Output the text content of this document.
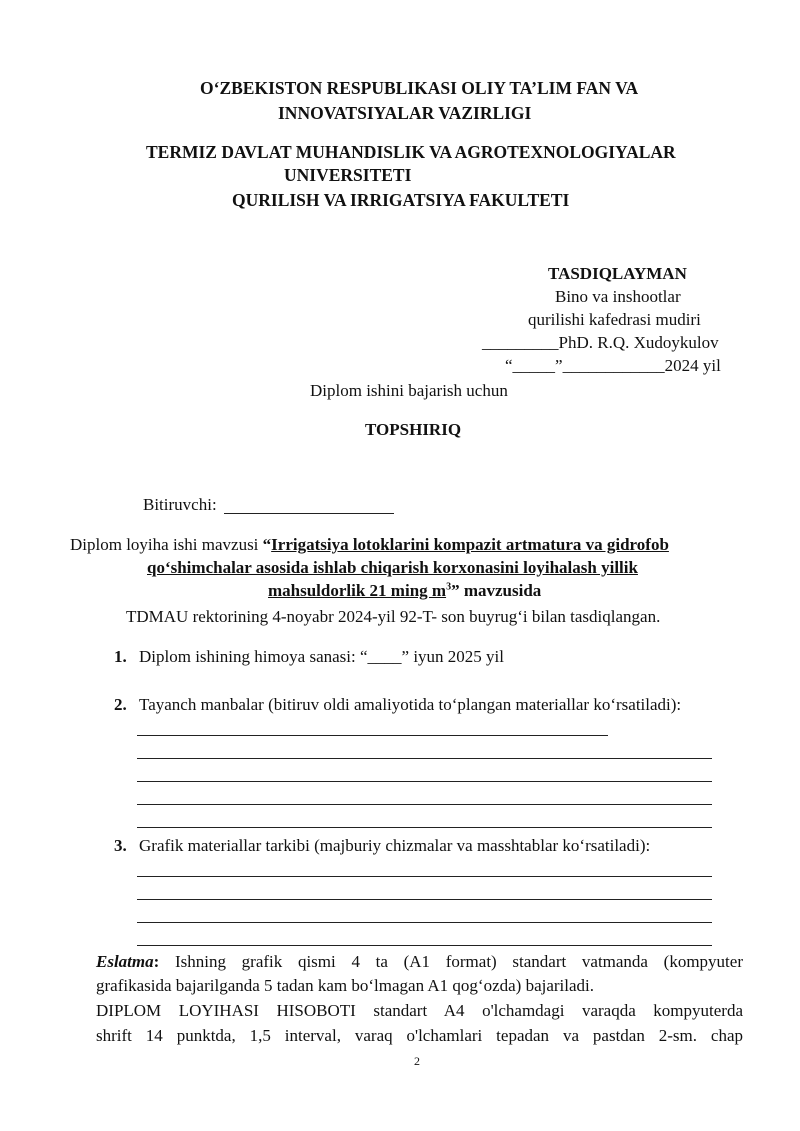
O‘ZBEKISTON RESPUBLIKASI OLIY TA’LIM FAN VA
INNOVATSIYALAR VAZIRLIGI
TERMIZ DAVLAT MUHANDISLIK VA AGROTEXNOLOGIYALAR
UNIVERSITETI
QURILISH VA IRRIGATSIYA FAKULTETI
TASDIQLAYMAN
Bino va inshootlar
qurilishi kafedrasi mudiri
_________PhD. R.Q. Xudoykulov
“_____”____________2024 yil
Diplom ishini bajarish uchun
TOPSHIRIQ
Bitiruvchi:
Diplom loyiha ishi mavzusi “Irrigatsiya lotoklarini kompazit artmatura va gidrofob
qo‘shimchalar asosida ishlab chiqarish korxonasini loyihalash yillik
mahsuldorlik 21 ming $m^3$” mavzusida
TDMAU rektorining 4-noyabr 2024-yil 92-T- son buyrug‘i bilan tasdiqlangan.
1. Diplom ishining himoya sanasi: “____” iyun 2025 yil
2. Tayanch manbalar (bitiruv oldi amaliyotida to‘plangan materiallar ko‘rsatiladi):
3. Grafik materiallar tarkibi (majburiy chizmalar va masshtablar ko‘rsatiladi):
Eslatma: Ishning grafik qismi 4 ta (A1 format) standart vatmanda (kompyuter
grafikasida bajarilganda 5 tadan kam bo‘lmagan A1 qog‘ozda) bajariladi.
DIPLOM LOYIHASI HISOBOTI standart A4 o'lchamdagi varaqda kompyuterda
shrift 14 punktda, 1,5 interval, varaq o'lchamlari tepadan va pastdan 2-sm. chap
2
